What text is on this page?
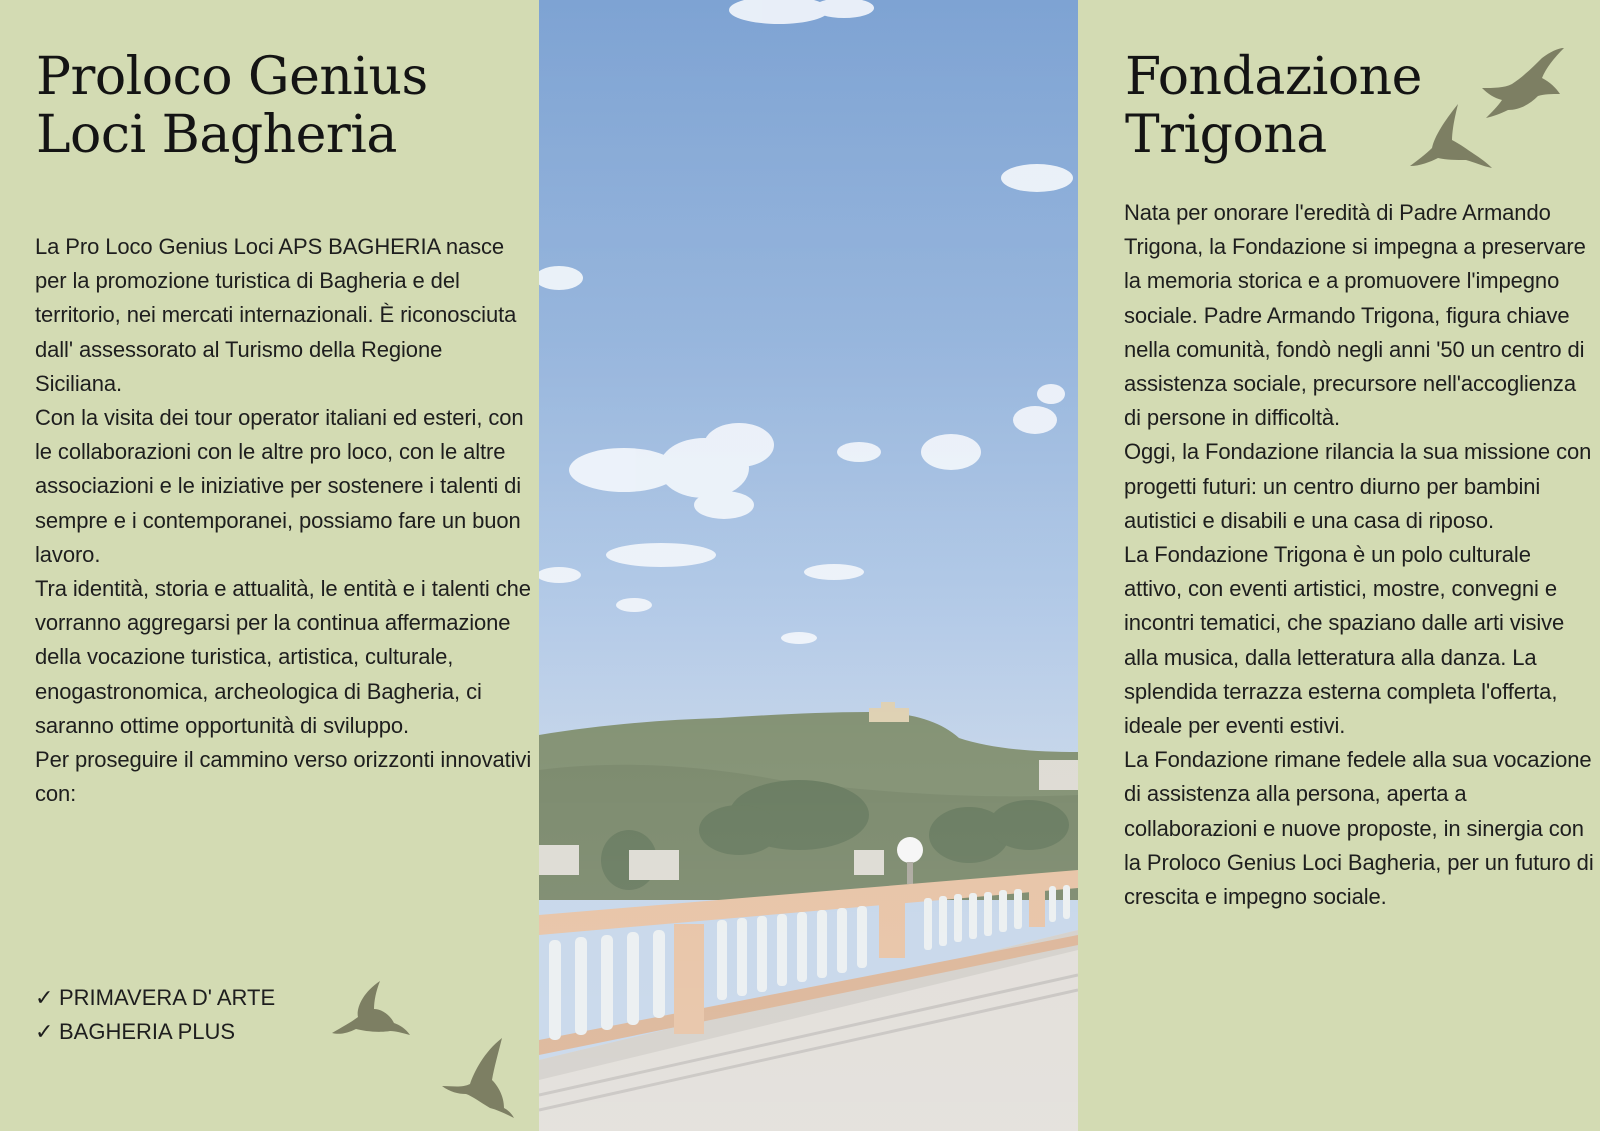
Proloco Genius
Loci Bagheria

La Pro Loco Genius Loci APS BAGHERIA nasce per la promozione turistica di Bagheria e del territorio, nei mercati internazionali. È riconosciuta dall' assessorato al Turismo della Regione Siciliana.

Con la visita dei tour operator italiani ed esteri, con le collaborazioni con le altre pro loco, con le altre associazioni e le iniziative per sostenere i talenti di sempre e i contemporanei, possiamo fare un buon lavoro.

Tra identità, storia e attualità, le entità e i talenti che vorranno aggregarsi per la continua affermazione della vocazione turistica, artistica, culturale, enogastronomica, archeologica di Bagheria, ci saranno ottime opportunità di sviluppo.

Per proseguire il cammino verso orizzonti innovativi con:

✓ PRIMAVERA D' ARTE
✓ BAGHERIA PLUS
Fondazione
Trigona

Nata per onorare l'eredità di Padre Armando Trigona, la Fondazione si impegna a preservare la memoria storica e a promuovere l'impegno sociale. Padre Armando Trigona, figura chiave nella comunità, fondò negli anni '50 un centro di assistenza sociale, precursore nell'accoglienza di persone in difficoltà.

Oggi, la Fondazione rilancia la sua missione con progetti futuri: un centro diurno per bambini autistici e disabili e una casa di riposo.

La Fondazione Trigona è un polo culturale attivo, con eventi artistici, mostre, convegni e incontri tematici, che spaziano dalle arti visive alla musica, dalla letteratura alla danza. La splendida terrazza esterna completa l'offerta, ideale per eventi estivi.

La Fondazione rimane fedele alla sua vocazione di assistenza alla persona, aperta a collaborazioni e nuove proposte, in sinergia con la Proloco Genius Loci Bagheria, per un futuro di crescita e impegno sociale.
